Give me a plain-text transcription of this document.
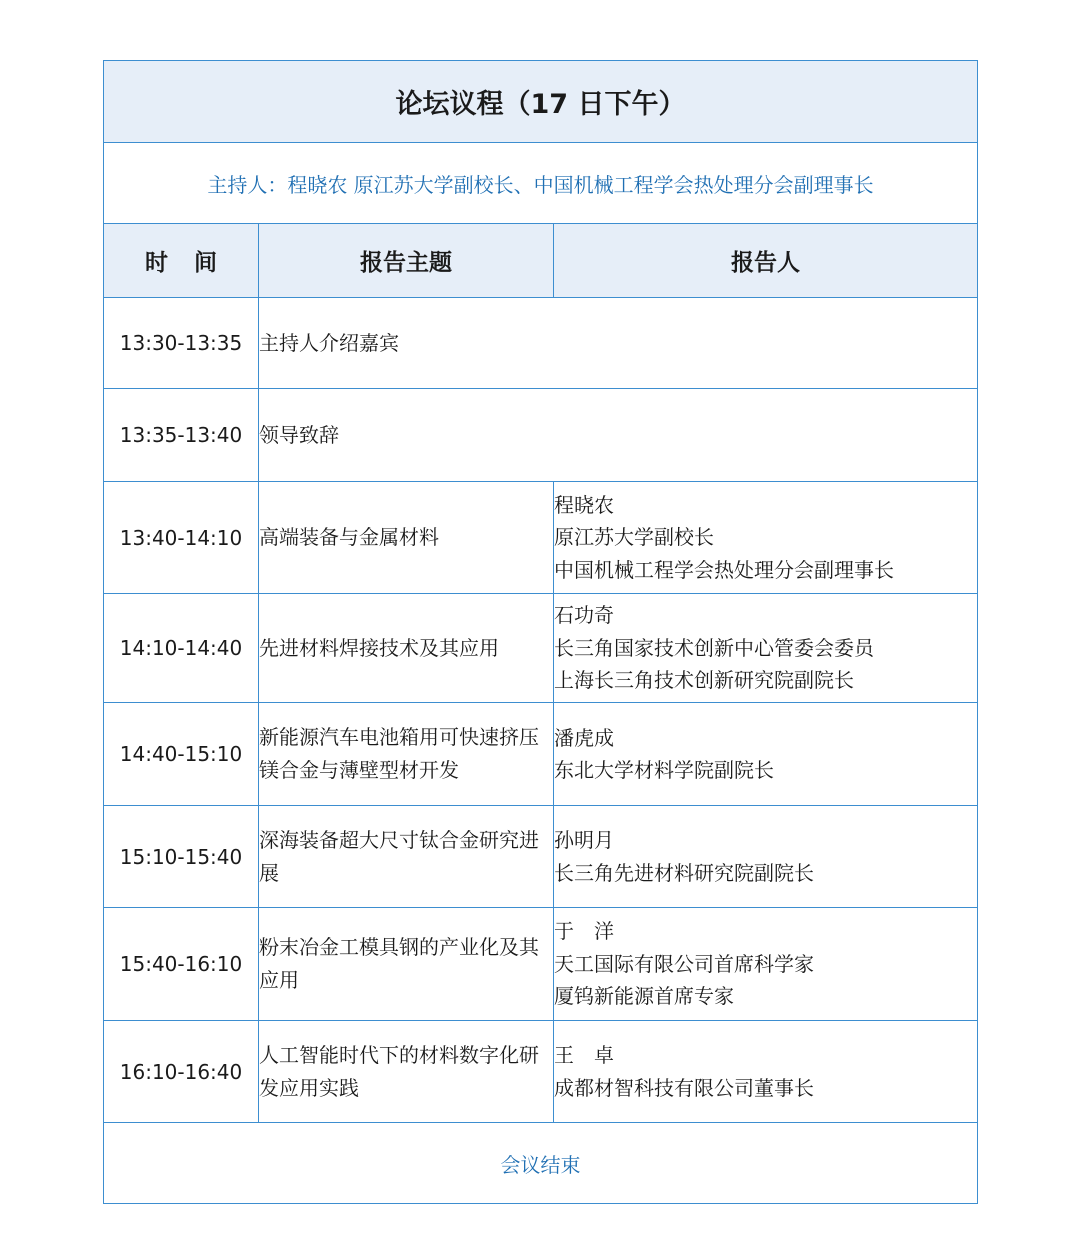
论坛议程（17 日下午）		
主持人：程晓农 原江苏大学副校长、中国机械工程学会热处理分会副理事长		
时 间	报告主题	报告人
13:30-13:35	主持人介绍嘉宾	
13:35-13:40	领导致辞	
13:40-14:10	高端装备与金属材料	程晓农
原江苏大学副校长
中国机械工程学会热处理分会副理事长

14:10-14:40	先进材料焊接技术及其应用	石功奇
长三角国家技术创新中心管委会委员
上海长三角技术创新研究院副院长

14:40-15:10	新能源汽车电池箱用可快速挤压镁合金与薄壁型材开发	潘虎成
东北大学材料学院副院长

15:10-15:40	深海装备超大尺寸钛合金研究进展	孙明月
长三角先进材料研究院副院长

15:40-16:10	粉末冶金工模具钢的产业化及其应用	于　洋
天工国际有限公司首席科学家
厦钨新能源首席专家

16:10-16:40	人工智能时代下的材料数字化研发应用实践	王　卓
成都材智科技有限公司董事长

会议结束		
